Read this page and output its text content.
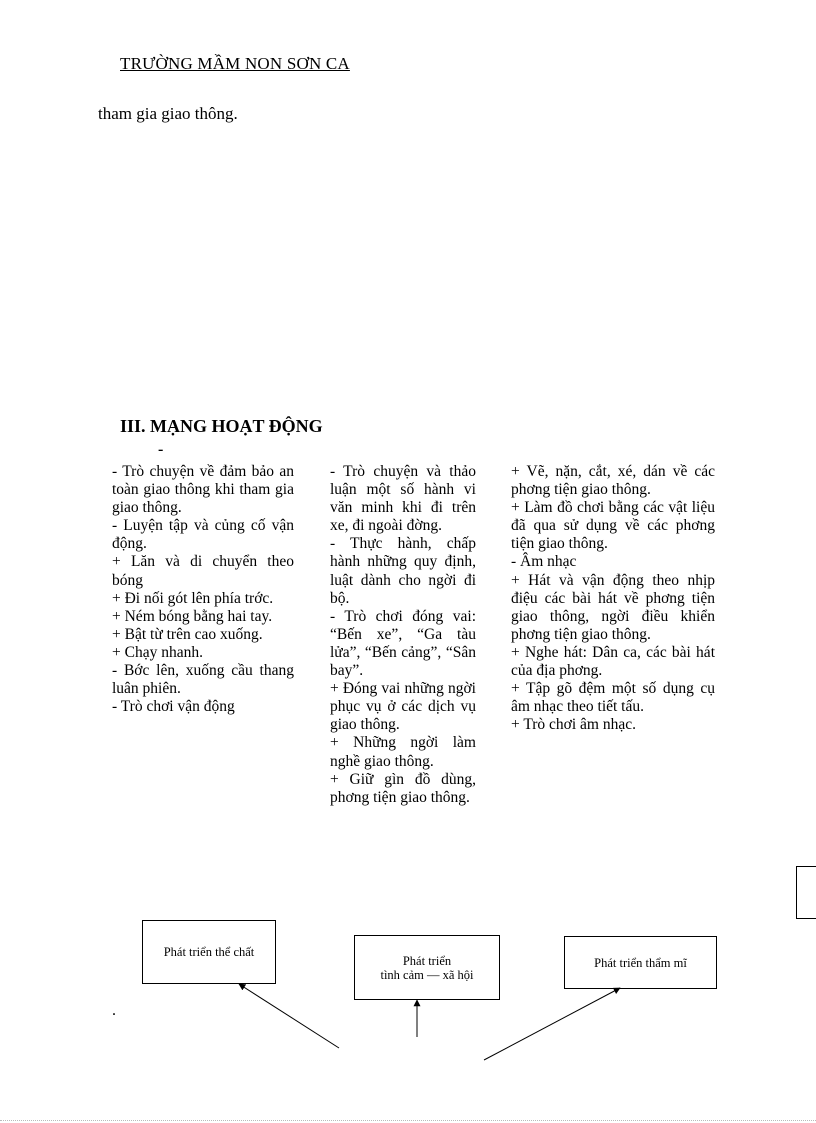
TRƯỜNG MẦM NON SƠN CA
tham gia giao thông.
III. MẠNG HOẠT ĐỘNG
-
- Trò chuyện về đảm bảo an toàn giao thông khi tham gia giao thông.
- Luyện tập và củng cố vận động.
+ Lăn và di chuyển theo bóng
+ Đi nối gót lên phía trớc.
+ Ném bóng bằng hai tay.
+ Bật từ trên cao xuống.
+ Chạy nhanh.
- Bớc lên, xuống cầu thang luân phiên.
- Trò chơi vận động
- Trò chuyện và thảo luận một số hành vi văn minh khi đi trên xe, đi ngoài đờng.
- Thực hành, chấp hành những quy định, luật dành cho ngời đi bộ.
- Trò chơi đóng vai: “Bến xe”, “Ga tàu lửa”, “Bến cảng”, “Sân bay”.
+ Đóng vai những ngời phục vụ ở các dịch vụ giao thông.
+ Những ngời làm nghề giao thông.
+ Giữ gìn đồ dùng, phơng tiện giao thông.
+ Vẽ, nặn, cắt, xé, dán về các phơng tiện giao thông.
+ Làm đồ chơi bằng các vật liệu đã qua sử dụng về các phơng tiện giao thông.
- Âm nhạc
+ Hát và vận động theo nhịp điệu các bài hát về phơng tiện giao thông, ngời điều khiển phơng tiện giao thông.
+ Nghe hát: Dân ca, các bài hát của địa phơng.
+ Tập gõ đệm một số dụng cụ âm nhạc theo tiết tấu.
+ Trò chơi âm nhạc.
Phát triển thể chất
Phát triển
tình cảm — xã hội
Phát triển thẩm mĩ
.
